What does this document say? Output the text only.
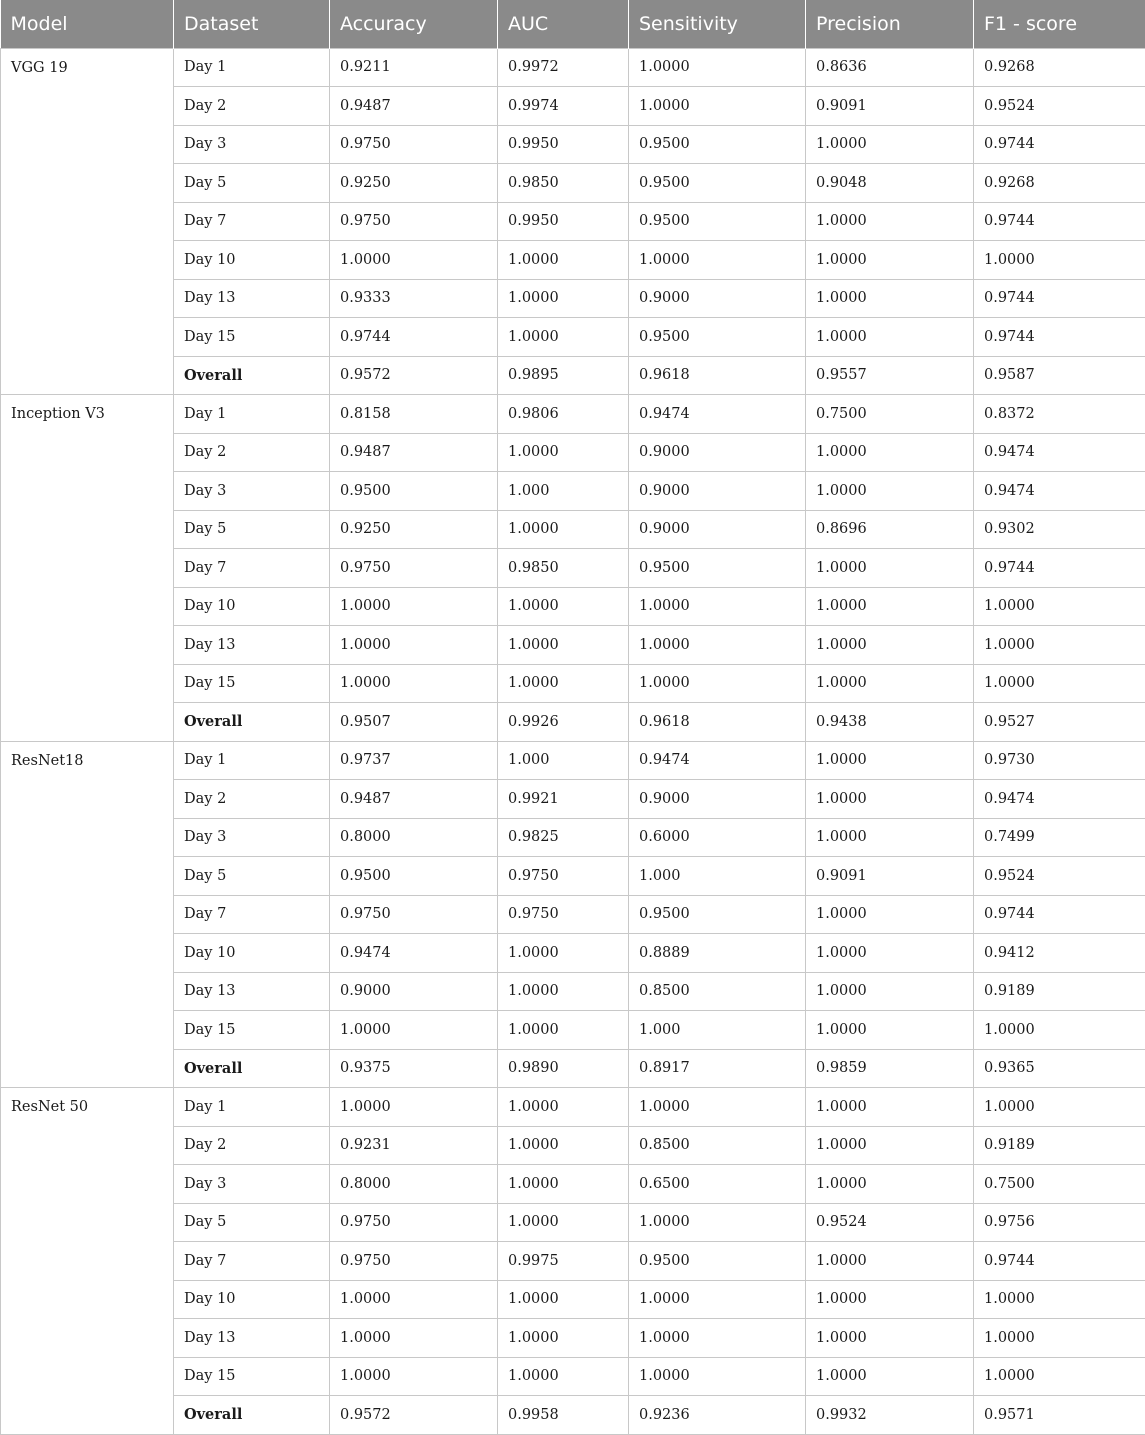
Model	Dataset	Accuracy	AUC	Sensitivity	Precision	F1 - score
VGG 19	Day 1	0.9211	0.9972	1.0000	0.8636	0.9268
	Day 2	0.9487	0.9974	1.0000	0.9091	0.9524
	Day 3	0.9750	0.9950	0.9500	1.0000	0.9744
	Day 5	0.9250	0.9850	0.9500	0.9048	0.9268
	Day 7	0.9750	0.9950	0.9500	1.0000	0.9744
	Day 10	1.0000	1.0000	1.0000	1.0000	1.0000
	Day 13	0.9333	1.0000	0.9000	1.0000	0.9744
	Day 15	0.9744	1.0000	0.9500	1.0000	0.9744
	Overall	0.9572	0.9895	0.9618	0.9557	0.9587
Inception V3	Day 1	0.8158	0.9806	0.9474	0.7500	0.8372
	Day 2	0.9487	1.0000	0.9000	1.0000	0.9474
	Day 3	0.9500	1.000	0.9000	1.0000	0.9474
	Day 5	0.9250	1.0000	0.9000	0.8696	0.9302
	Day 7	0.9750	0.9850	0.9500	1.0000	0.9744
	Day 10	1.0000	1.0000	1.0000	1.0000	1.0000
	Day 13	1.0000	1.0000	1.0000	1.0000	1.0000
	Day 15	1.0000	1.0000	1.0000	1.0000	1.0000
	Overall	0.9507	0.9926	0.9618	0.9438	0.9527
ResNet18	Day 1	0.9737	1.000	0.9474	1.0000	0.9730
	Day 2	0.9487	0.9921	0.9000	1.0000	0.9474
	Day 3	0.8000	0.9825	0.6000	1.0000	0.7499
	Day 5	0.9500	0.9750	1.000	0.9091	0.9524
	Day 7	0.9750	0.9750	0.9500	1.0000	0.9744
	Day 10	0.9474	1.0000	0.8889	1.0000	0.9412
	Day 13	0.9000	1.0000	0.8500	1.0000	0.9189
	Day 15	1.0000	1.0000	1.000	1.0000	1.0000
	Overall	0.9375	0.9890	0.8917	0.9859	0.9365
ResNet 50	Day 1	1.0000	1.0000	1.0000	1.0000	1.0000
	Day 2	0.9231	1.0000	0.8500	1.0000	0.9189
	Day 3	0.8000	1.0000	0.6500	1.0000	0.7500
	Day 5	0.9750	1.0000	1.0000	0.9524	0.9756
	Day 7	0.9750	0.9975	0.9500	1.0000	0.9744
	Day 10	1.0000	1.0000	1.0000	1.0000	1.0000
	Day 13	1.0000	1.0000	1.0000	1.0000	1.0000
	Day 15	1.0000	1.0000	1.0000	1.0000	1.0000
	Overall	0.9572	0.9958	0.9236	0.9932	0.9571
